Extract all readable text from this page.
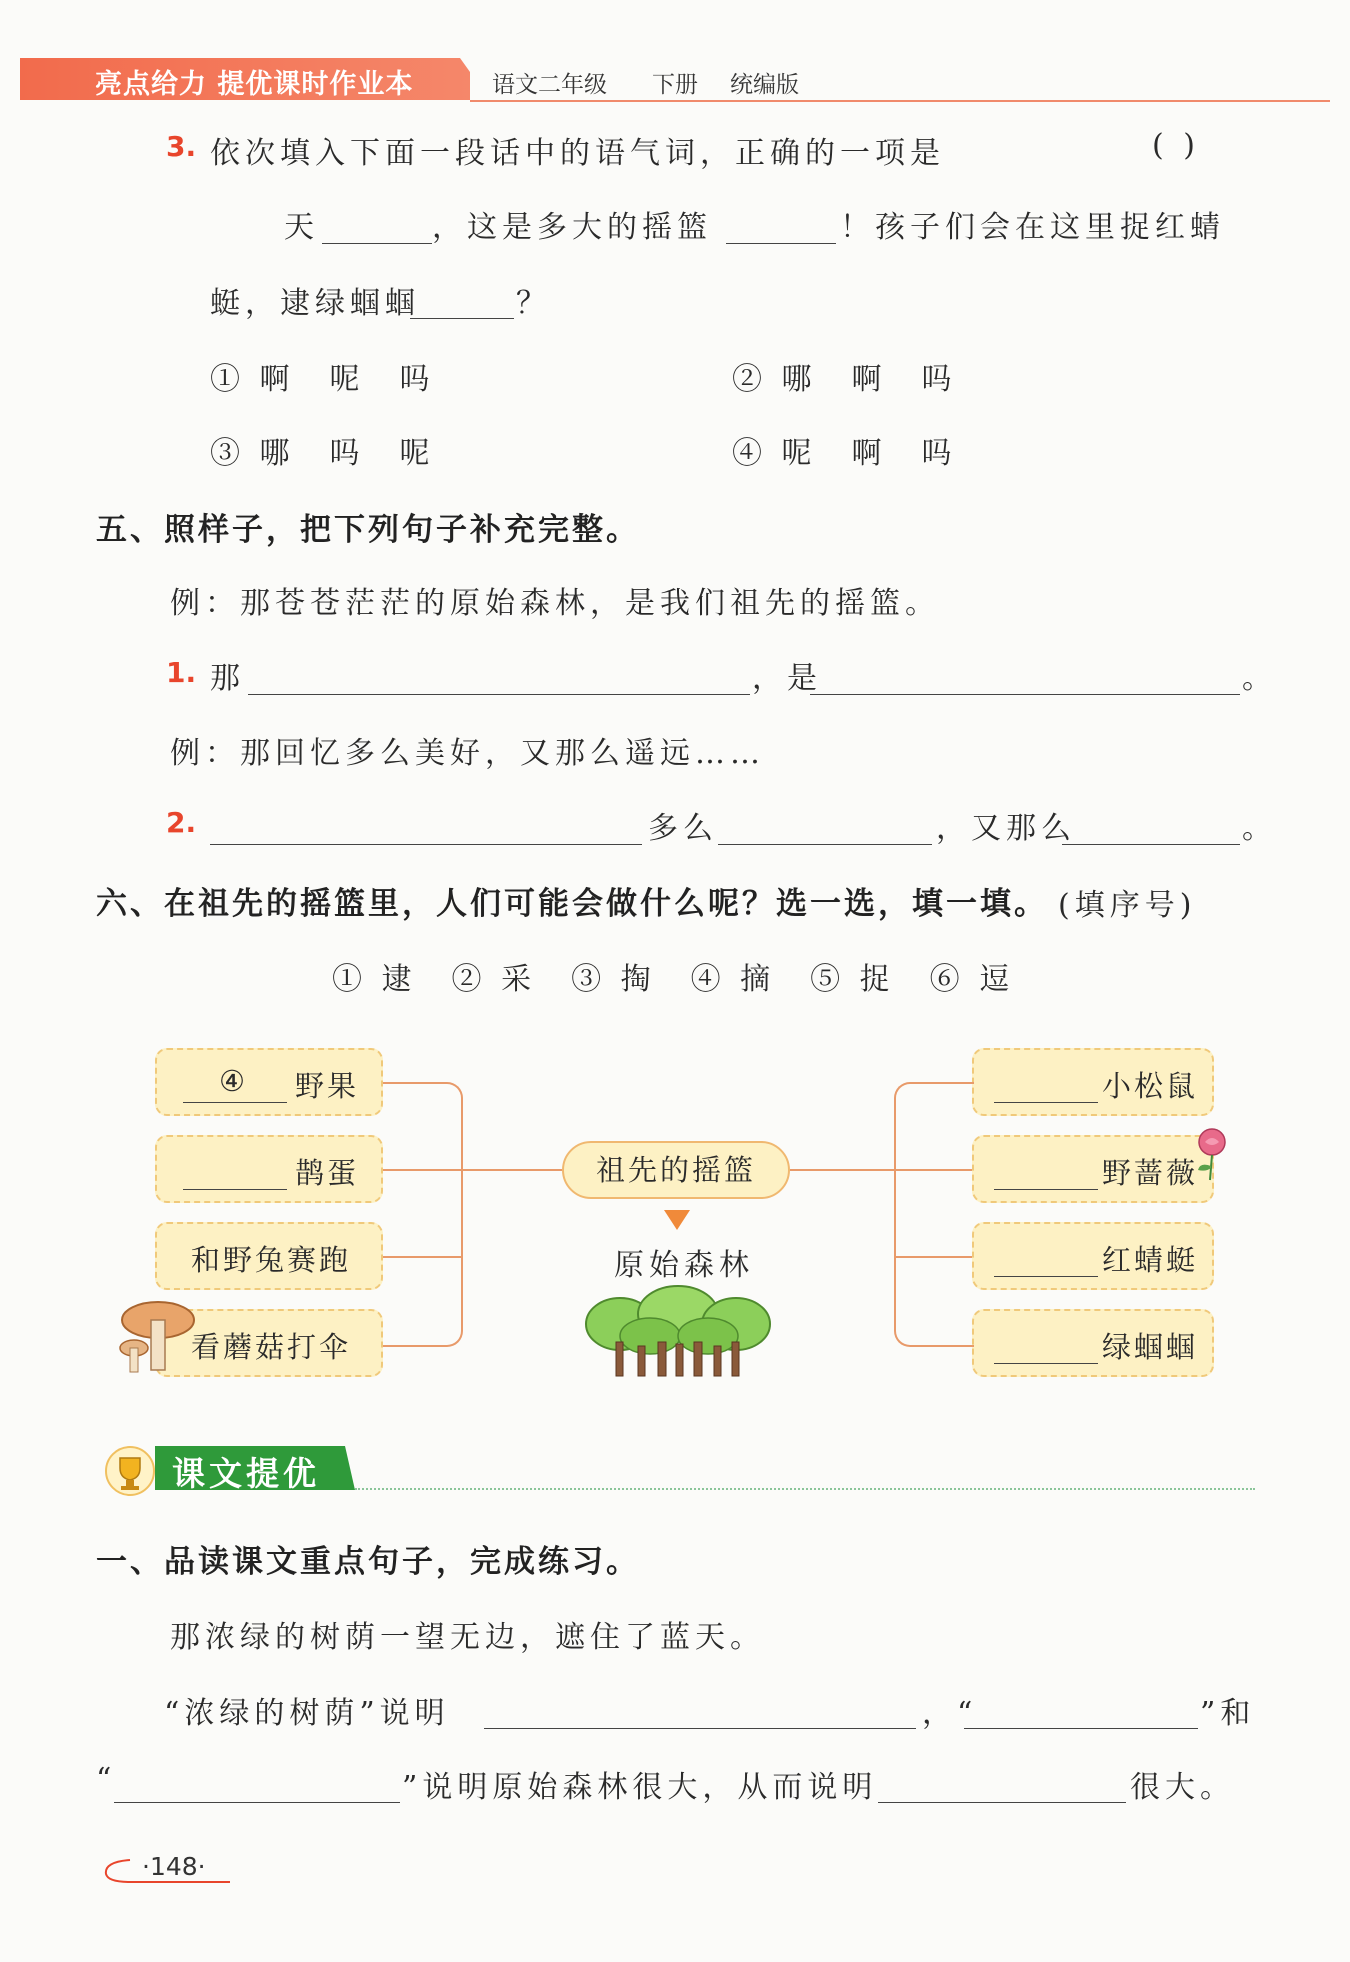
亮点给力 提优课时作业本	语文二年级 下册 统编版
3. 依次填入下面一段话中的语气词，正确的一项是	( )
天	，这是多大的摇篮	！孩子们会在这里捉红蜻
蜓，逮绿蝈蝈	？
① 啊　呢　吗	② 哪　啊　吗
③ 哪　吗　呢	④ 呢　啊　吗
五、照样子，把下列句子补充完整。
例：那苍苍茫茫的原始森林，是我们祖先的摇篮。
1. 那	，是	。
例：那回忆多么美好，又那么遥远……
2.	多么	，又那么	。
六、在祖先的摇篮里，人们可能会做什么呢？选一选，填一填。 (填序号)
① 逮　② 采　③ 掏　④ 摘　⑤ 捉　⑥ 逗
④ 野果
鹊蛋
和野兔赛跑
看蘑菇打伞
小松鼠
野蔷薇
红蜻蜓
绿蝈蝈
祖先的摇篮
原始森林
课文提优
一、品读课文重点句子，完成练习。
那浓绿的树荫一望无边，遮住了蓝天。
“浓绿的树荫”说明	，“	”和
“	”说明原始森林很大，从而说明	很大。
·148·
